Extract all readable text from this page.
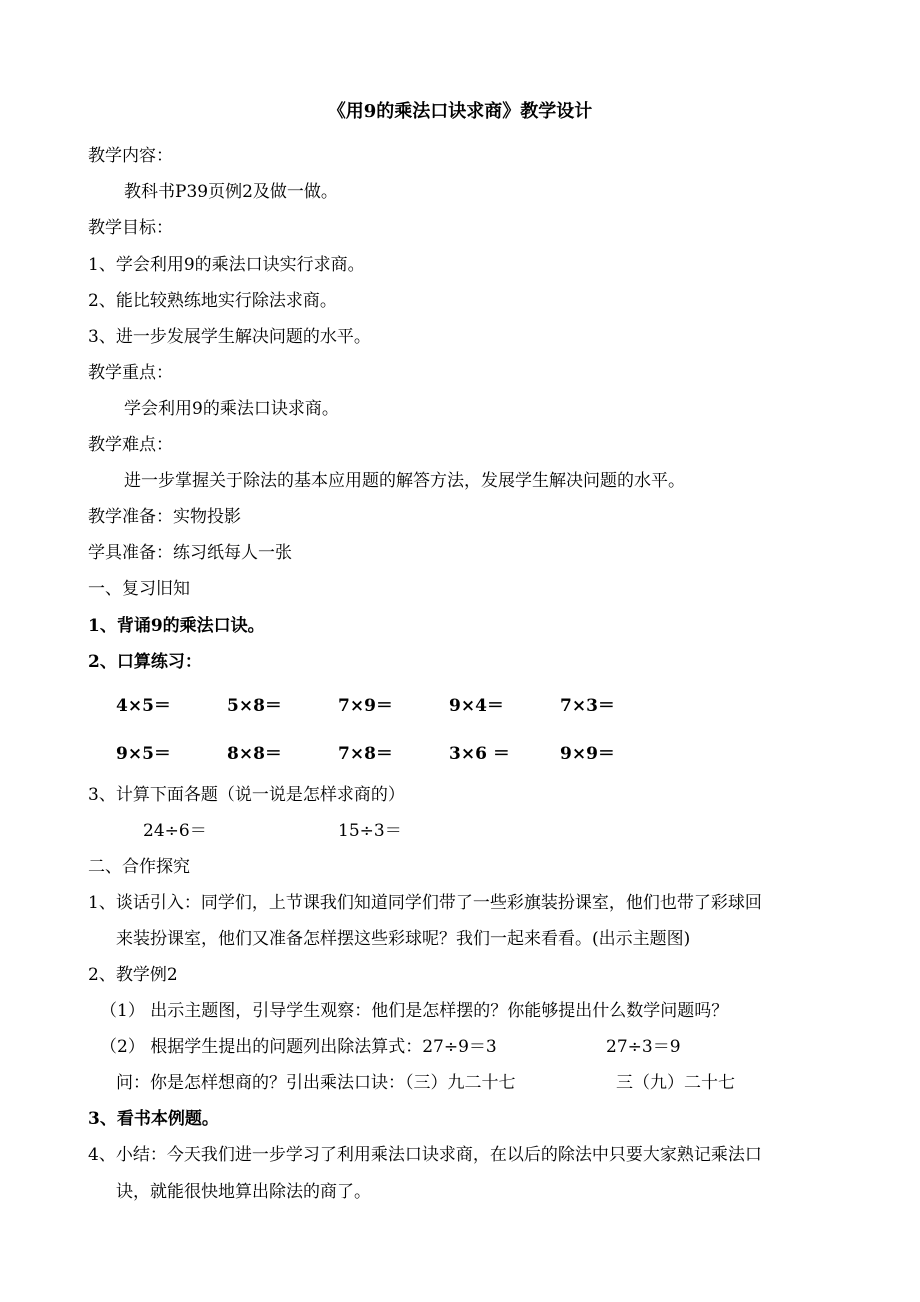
《用9的乘法口诀求商》教学设计
教学内容：
教科书P39页例2及做一做。
教学目标：
1、学会利用9的乘法口诀实行求商。
2、能比较熟练地实行除法求商。
3、进一步发展学生解决问题的水平。
教学重点：
学会利用9的乘法口诀求商。
教学难点：
进一步掌握关于除法的基本应用题的解答方法，发展学生解决问题的水平。
教学准备：实物投影
学具准备：练习纸每人一张
一、复习旧知
1、背诵9的乘法口诀。
2、口算练习：
4×5＝	5×8＝	7×9＝	9×4＝	7×3＝
9×5＝	8×8＝	7×8＝	3×6 ＝	9×9＝
3、计算下面各题（说一说是怎样求商的）
24÷6＝	15÷3＝
二、合作探究
1、谈话引入：同学们，上节课我们知道同学们带了一些彩旗装扮课室，他们也带了彩球回
来装扮课室，他们又准备怎样摆这些彩球呢？我们一起来看看。(出示主题图)
2、教学例2
（1） 出示主题图，引导学生观察：他们是怎样摆的？你能够提出什么数学问题吗？
（2） 根据学生提出的问题列出除法算式：27÷9＝3	27÷3＝9
问：你是怎样想商的？引出乘法口诀：（三）九二十七	三（九）二十七
3、看书本例题。
4、小结：今天我们进一步学习了利用乘法口诀求商，在以后的除法中只要大家熟记乘法口
诀，就能很快地算出除法的商了。
